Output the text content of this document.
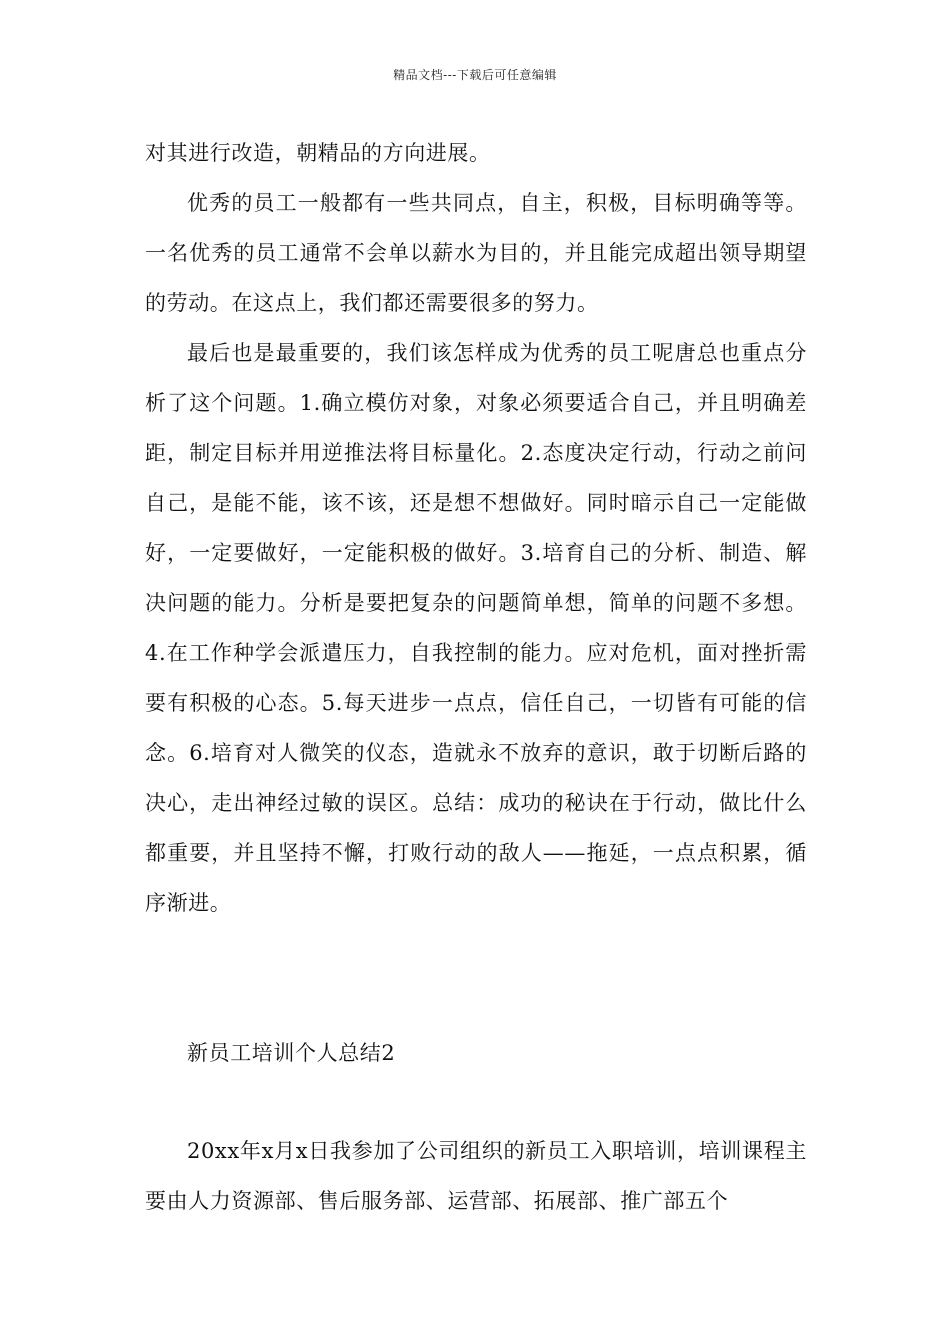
精品文档---下载后可任意编辑

对其进行改造，朝精品的方向进展。

优秀的员工一般都有一些共同点，自主，积极，目标明确等等。一名优秀的员工通常不会单以薪水为目的，并且能完成超出领导期望的劳动。在这点上，我们都还需要很多的努力。

最后也是最重要的，我们该怎样成为优秀的员工呢唐总也重点分析了这个问题。1.确立模仿对象，对象必须要适合自己，并且明确差距，制定目标并用逆推法将目标量化。2.态度决定行动，行动之前问自己，是能不能，该不该，还是想不想做好。同时暗示自己一定能做好，一定要做好，一定能积极的做好。3.培育自己的分析、制造、解决问题的能力。分析是要把复杂的问题简单想，简单的问题不多想。4.在工作种学会派遣压力，自我控制的能力。应对危机，面对挫折需要有积极的心态。5.每天进步一点点，信任自己，一切皆有可能的信念。6.培育对人微笑的仪态，造就永不放弃的意识，敢于切断后路的决心，走出神经过敏的误区。总结：成功的秘诀在于行动，做比什么都重要，并且坚持不懈，打败行动的敌人——拖延，一点点积累，循序渐进。

新员工培训个人总结2

20xx年x月x日我参加了公司组织的新员工入职培训，培训课程主要由人力资源部、售后服务部、运营部、拓展部、推广部五个
